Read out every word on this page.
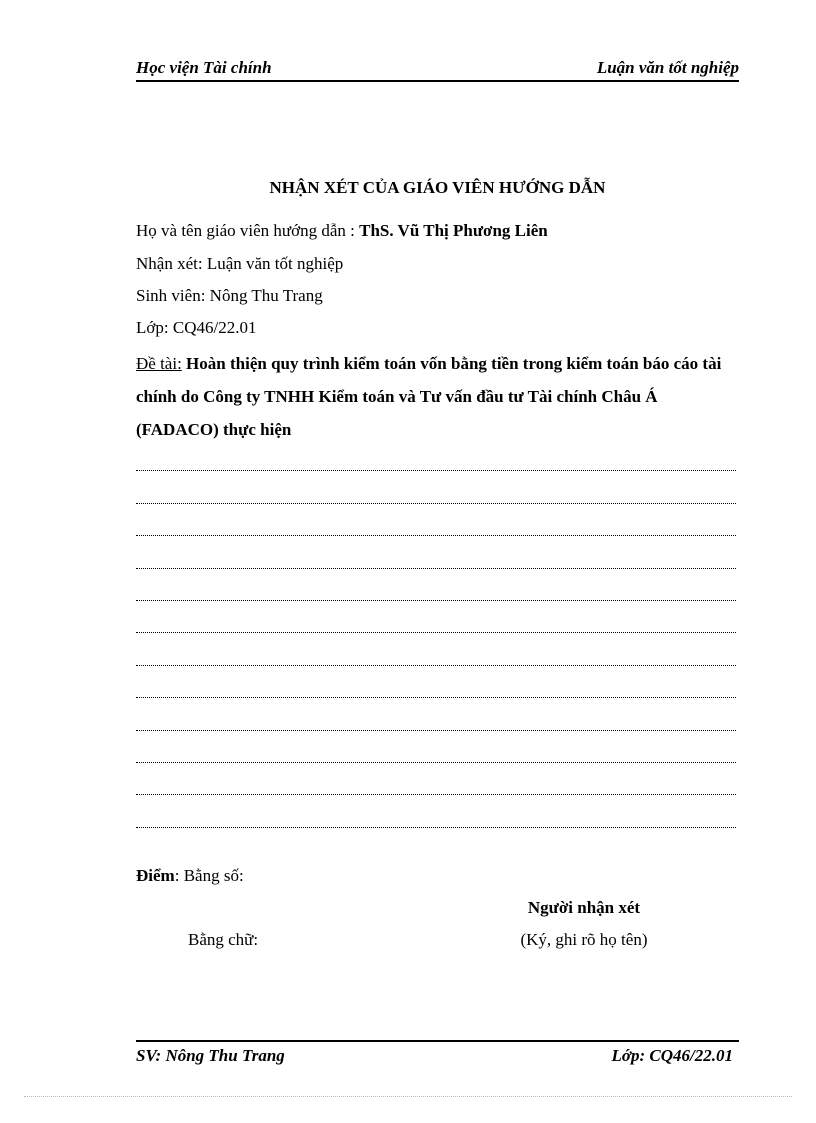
Học viện Tài chính	Luận văn tốt nghiệp
NHẬN XÉT CỦA GIÁO VIÊN HƯỚNG DẪN
Họ và tên giáo viên hướng dẫn : ThS. Vũ Thị Phương Liên
Nhận xét: Luận văn tốt nghiệp
Sinh viên: Nông Thu Trang
Lớp: CQ46/22.01
Đề tài: Hoàn thiện quy trình kiểm toán vốn bằng tiền trong kiểm toán báo cáo tài chính do Công ty TNHH Kiểm toán và Tư vấn đầu tư Tài chính Châu Á (FADACO) thực hiện
Điểm: Bằng số:
Người nhận xét
Bằng chữ:	(Ký, ghi rõ họ tên)
SV: Nông Thu Trang	Lớp: CQ46/22.01
